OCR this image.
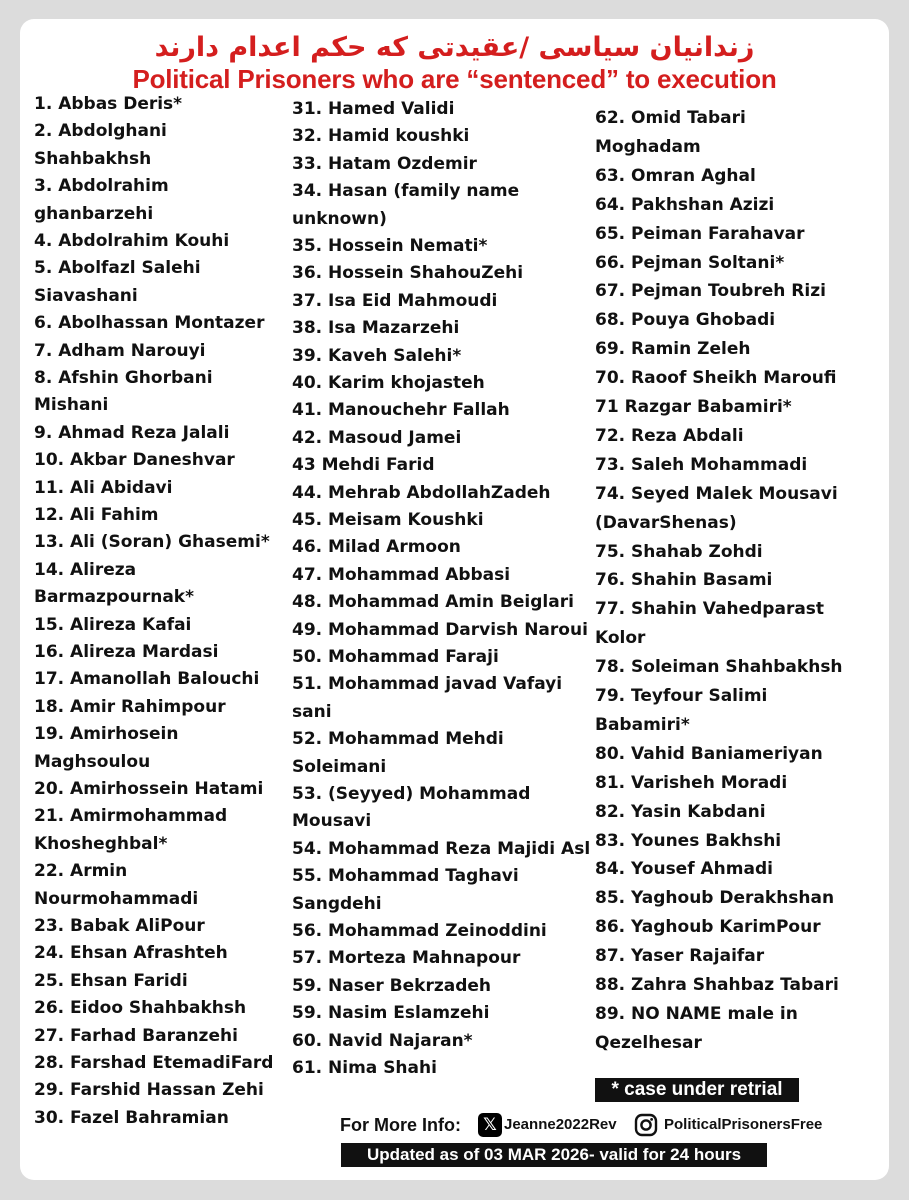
زندانیان سیاسی /عقیدتی که حکم اعدام دارند
Political Prisoners who are “sentenced” to execution
1. Abbas Deris*
2. Abdolghani
Shahbakhsh
3. Abdolrahim
ghanbarzehi
4. Abdolrahim Kouhi
5. Abolfazl Salehi
Siavashani
6. Abolhassan Montazer
7. Adham Narouyi
8. Afshin Ghorbani
Mishani
9. Ahmad Reza Jalali
10. Akbar Daneshvar
11. Ali Abidavi
12. Ali Fahim
13. Ali (Soran) Ghasemi*
14. Alireza
Barmazpournak*
15. Alireza Kafai
16. Alireza Mardasi
17. Amanollah Balouchi
18. Amir Rahimpour
19. Amirhosein
Maghsoulou
20. Amirhossein Hatami
21. Amirmohammad
Khosheghbal*
22. Armin
Nourmohammadi
23. Babak AliPour
24. Ehsan Afrashteh
25. Ehsan Faridi
26. Eidoo Shahbakhsh
27. Farhad Baranzehi
28. Farshad EtemadiFard
29. Farshid Hassan Zehi
30. Fazel Bahramian
31. Hamed Validi
32. Hamid koushki
33. Hatam Ozdemir
34. Hasan (family name
unknown)
35. Hossein Nemati*
36. Hossein ShahouZehi
37. Isa Eid Mahmoudi
38. Isa Mazarzehi
39. Kaveh Salehi*
40. Karim khojasteh
41. Manouchehr Fallah
42. Masoud Jamei
43 Mehdi Farid
44. Mehrab AbdollahZadeh
45. Meisam Koushki
46. Milad Armoon
47. Mohammad Abbasi
48. Mohammad Amin Beiglari
49. Mohammad Darvish Naroui
50. Mohammad Faraji
51. Mohammad javad Vafayi
sani
52. Mohammad Mehdi
Soleimani
53. (Seyyed) Mohammad
Mousavi
54. Mohammad Reza Majidi Asl
55. Mohammad Taghavi
Sangdehi
56. Mohammad Zeinoddini
57. Morteza Mahnapour
59. Naser Bekrzadeh
59. Nasim Eslamzehi
60. Navid Najaran*
61. Nima Shahi
62. Omid Tabari
Moghadam
63. Omran Aghal
64. Pakhshan Azizi
65. Peiman Farahavar
66. Pejman Soltani*
67. Pejman Toubreh Rizi
68. Pouya Ghobadi
69. Ramin Zeleh
70. Raoof Sheikh Maroufi
71 Razgar Babamiri*
72. Reza Abdali
73. Saleh Mohammadi
74. Seyed Malek Mousavi
(DavarShenas)
75. Shahab Zohdi
76. Shahin Basami
77. Shahin Vahedparast
Kolor
78. Soleiman Shahbakhsh
79. Teyfour Salimi
Babamiri*
80. Vahid Baniameriyan
81. Varisheh Moradi
82. Yasin Kabdani
83. Younes Bakhshi
84. Yousef Ahmadi
85. Yaghoub Derakhshan
86. Yaghoub KarimPour
87. Yaser Rajaifar
88. Zahra Shahbaz Tabari
89. NO NAME male in
Qezelhesar
* case under retrial
For More Info:	𝕏 Jeanne2022Rev	PoliticalPrisonersFree
Updated as of 03 MAR 2026- valid for 24 hours
